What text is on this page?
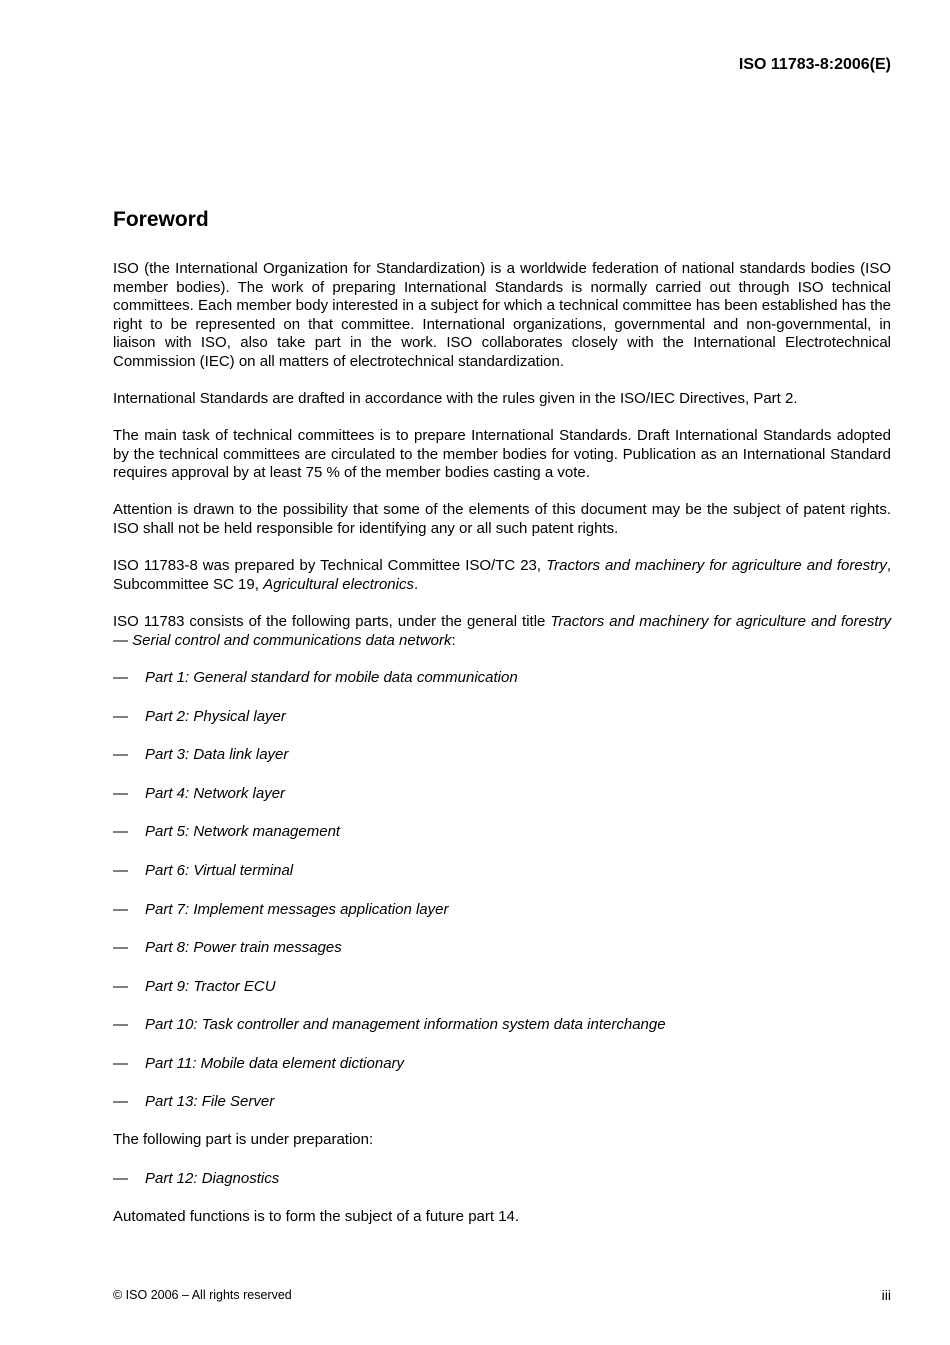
ISO 11783-8:2006(E)
Foreword

ISO (the International Organization for Standardization) is a worldwide federation of national standards bodies (ISO member bodies). The work of preparing International Standards is normally carried out through ISO technical committees. Each member body interested in a subject for which a technical committee has been established has the right to be represented on that committee. International organizations, governmental and non-governmental, in liaison with ISO, also take part in the work. ISO collaborates closely with the International Electrotechnical Commission (IEC) on all matters of electrotechnical standardization.

International Standards are drafted in accordance with the rules given in the ISO/IEC Directives, Part 2.

The main task of technical committees is to prepare International Standards. Draft International Standards adopted by the technical committees are circulated to the member bodies for voting. Publication as an International Standard requires approval by at least 75 % of the member bodies casting a vote.

Attention is drawn to the possibility that some of the elements of this document may be the subject of patent rights. ISO shall not be held responsible for identifying any or all such patent rights.

ISO 11783-8 was prepared by Technical Committee ISO/TC 23, Tractors and machinery for agriculture and forestry, Subcommittee SC 19, Agricultural electronics.

ISO 11783 consists of the following parts, under the general title Tractors and machinery for agriculture and forestry — Serial control and communications data network:

— Part 1: General standard for mobile data communication
— Part 2: Physical layer
— Part 3: Data link layer
— Part 4: Network layer
— Part 5: Network management
— Part 6: Virtual terminal
— Part 7: Implement messages application layer
— Part 8: Power train messages
— Part 9: Tractor ECU
— Part 10: Task controller and management information system data interchange
— Part 11: Mobile data element dictionary
— Part 13: File Server

The following part is under preparation:

— Part 12: Diagnostics

Automated functions is to form the subject of a future part 14.

© ISO 2006 – All rights reserved	iii
